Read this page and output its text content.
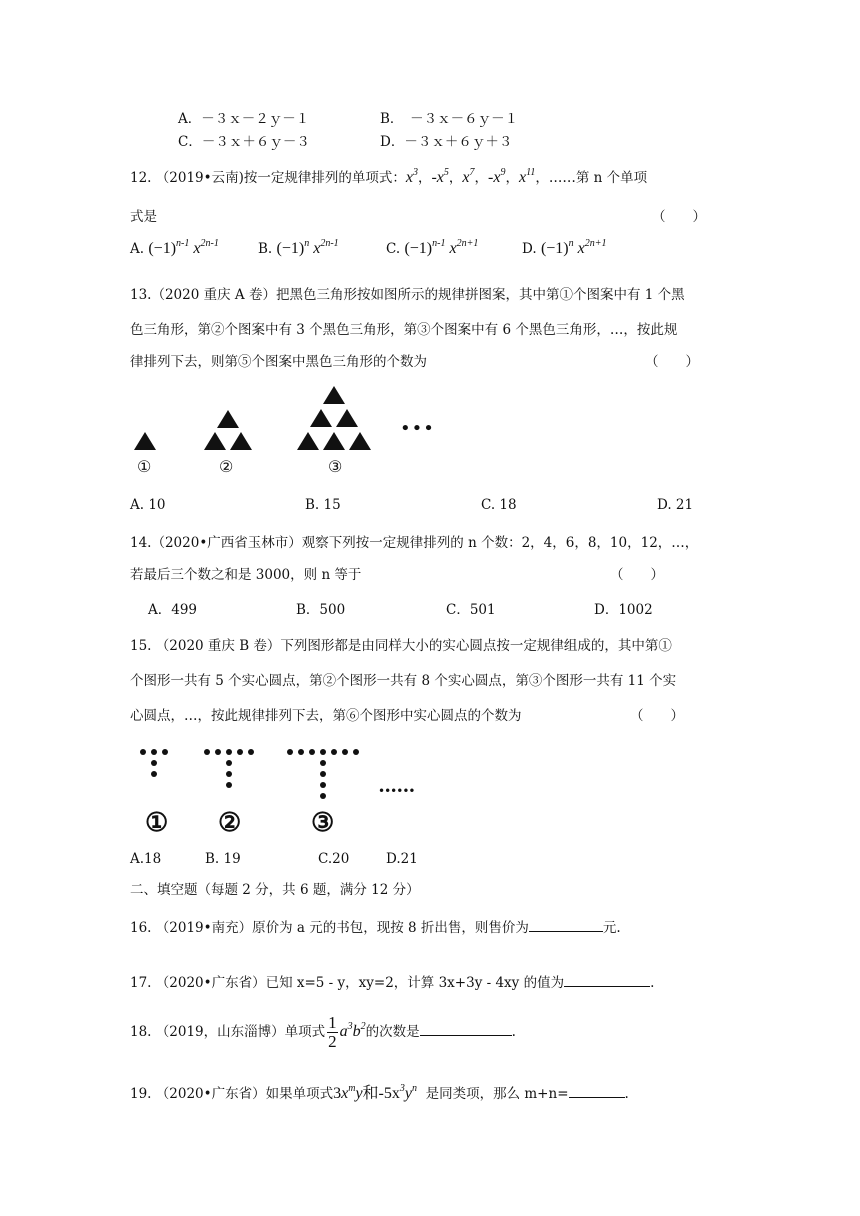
A．－３ｘ－２ｙ－１	B．　－３ｘ－６ｙ－１
C．－３ｘ＋６ｙ－３	D．－３ｘ＋６ｙ＋３
12. （2019•云南)按一定规律排列的单项式：$x^3$，$-x^5$，$x^7$，$-x^9$，$x^{11}$，……第 n 个单项
式是	（　　）
A. $(-1)^{n-1}$ $x^{2n-1}$	B. $(-1)^n$ $x^{2n-1}$	C. $(-1)^{n-1}$ $x^{2n+1}$	D. $(-1)^n$ $x^{2n+1}$
13.（2020 重庆 A 卷）把黑色三角形按如图所示的规律拼图案，其中第①个图案中有 1 个黑
色三角形，第②个图案中有 3 个黑色三角形，第③个图案中有 6 个黑色三角形，…，按此规
律排列下去，则第⑤个图案中黑色三角形的个数为	（　　）
①	②	③
•••
A. 10	B. 15	C. 18	D. 21
14.（2020•广西省玉林市）观察下列按一定规律排列的 n 个数：2，4，6，8，10，12，…，
若最后三个数之和是 3000，则 n 等于	（　　）
A．499	B．500	C．501	D．1002
15. （2020 重庆 B 卷）下列图形都是由同样大小的实心圆点按一定规律组成的，其中第①
个图形一共有 5 个实心圆点，第②个图形一共有 8 个实心圆点，第③个图形一共有 11 个实
心圆点，…，按此规律排列下去，第⑥个图形中实心圆点的个数为	（　　）
① ②	③
••••••
A.18	B. 19	C.20	D.21
二、填空题（每题 2 分，共 6 题，满分 12 分）
16. （2019•南充）原价为 a 元的书包，现按 8 折出售，则售价为	元.
17. （2020•广东省）已知 x=5 - y，xy=2，计算 3x+3y - 4xy 的值为	.
18. （2019，山东淄博）单项式 $\frac{1}{2} a^3b^2$的次数是	.
19. （2020•广东省）如果单项式$3x^my$和$-5x^3y^n$ 是同类项，那么 m+n=	.
